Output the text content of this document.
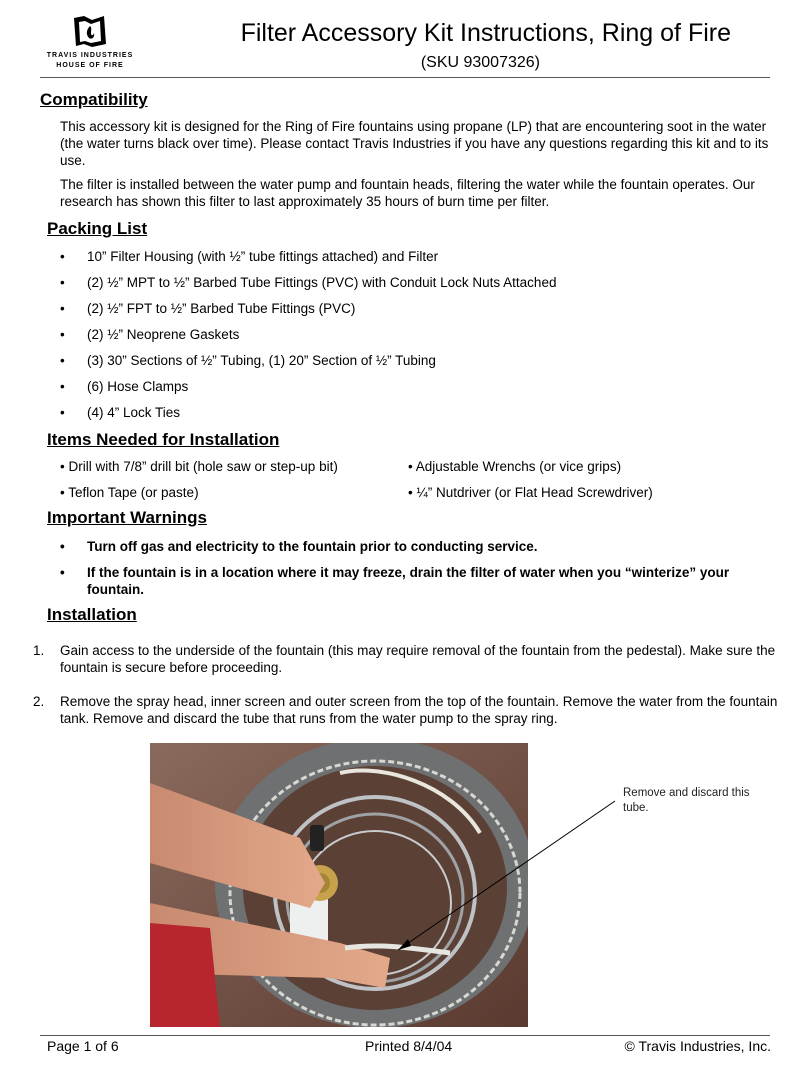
TRAVIS INDUSTRIES
HOUSE OF FIRE
Filter Accessory Kit Instructions, Ring of Fire
(SKU 93007326)
Compatibility
This accessory kit is designed for the Ring of Fire fountains using propane (LP) that are encountering soot in the water (the water turns black over time). Please contact Travis Industries if you have any questions regarding this kit and to its use.
The filter is installed between the water pump and fountain heads, filtering the water while the fountain operates. Our research has shown this filter to last approximately 35 hours of burn time per filter.
Packing List
• 10” Filter Housing (with ½” tube fittings attached) and Filter
• (2) ½” MPT to ½” Barbed Tube Fittings (PVC) with Conduit Lock Nuts Attached
• (2) ½” FPT to ½” Barbed Tube Fittings (PVC)
• (2) ½” Neoprene Gaskets
• (3) 30” Sections of ½” Tubing, (1) 20” Section of ½” Tubing
• (6) Hose Clamps
• (4) 4” Lock Ties
Items Needed for Installation
• Drill with 7/8” drill bit (hole saw or step-up bit)	• Adjustable Wrenchs (or vice grips)
• Teflon Tape (or paste)	• ¼” Nutdriver (or Flat Head Screwdriver)
Important Warnings
• Turn off gas and electricity to the fountain prior to conducting service.
• If the fountain is in a location where it may freeze, drain the filter of water when you “winterize” your fountain.
Installation
1. Gain access to the underside of the fountain (this may require removal of the fountain from the pedestal). Make sure the fountain is secure before proceeding.
2. Remove the spray head, inner screen and outer screen from the top of the fountain. Remove the water from the fountain tank. Remove and discard the tube that runs from the water pump to the spray ring.
Remove and discard this tube.
Page 1 of 6	Printed 8/4/04	© Travis Industries, Inc.
